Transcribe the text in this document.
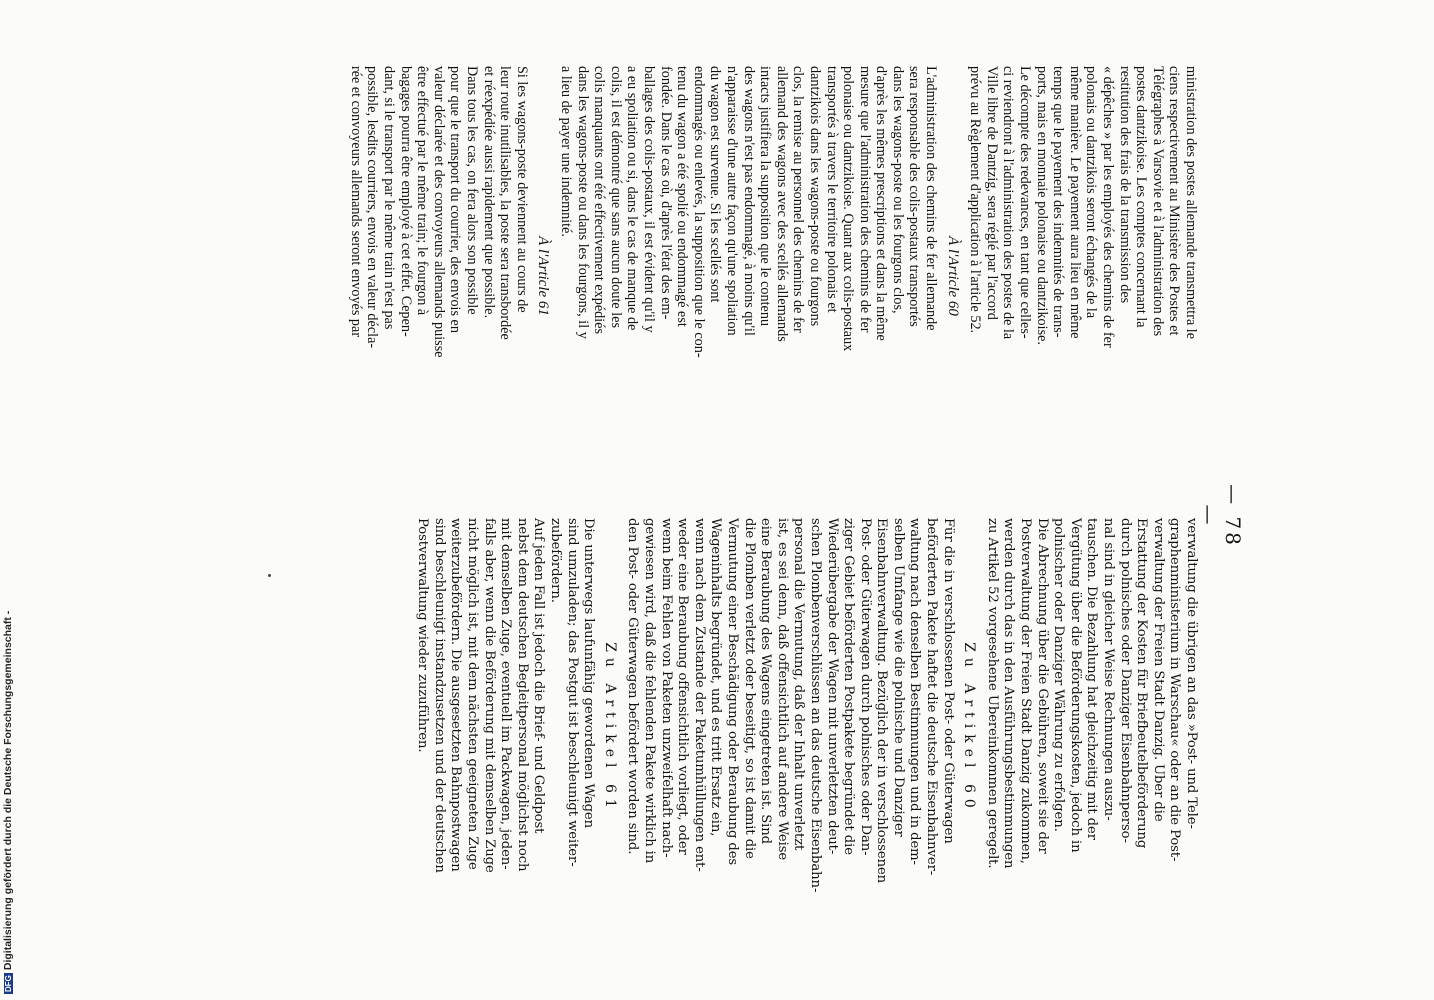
DFGDigitalisierung gefördert durch die Deutsche Forschungsgemeinschaft -
— 78 —
ministration des postes allemande transmettra le
ciens respectivement au Ministère des Postes et
Télégraphes à Varsovie et à l'administration des
postes dantzikoise. Les comptes concernant la
restitution des frais de la transmission des
« dépêches » par les employés des chemins de fer
polonais ou dantzikois seront échangés de la
même manière. Le payement aura lieu en même
temps que le payement des indemnités de trans-
ports, mais en monnaie polonaise ou dantzikoise.
Le décompte des redevances, en tant que celles-
ci reviendront à l'administration des postes de la
Ville libre de Dantzig, sera réglé par l'accord
prévu au Règlement d'application à l'article 52.
À l'Article 60
L'administration des chemins de fer allemande
sera responsable des colis-postaux transportés
dans les wagons-poste ou les fourgons clos,
d'après les mêmes prescriptions et dans la même
mesure que l'administration des chemins de fer
polonaise ou dantzikoise. Quant aux colis-postaux
transportés à travers le territoire polonais et
dantzikois dans les wagons-poste ou fourgons
clos, la remise au personnel des chemins de fer
allemand des wagons avec des scellés allemands
intacts justifiera la supposition que le contenu
des wagons n'est pas endommagé, à moins qu'il
n'apparaisse d'une autre façon qu'une spoliation
du wagon est survenue. Si les scellés sont
endommagés ou enlevés, la supposition que le con-
tenu du wagon a été spolié ou endommagé est
fondée. Dans le cas où, d'après l'état des em-
ballages des colis-postaux, il est évident qu'il y
a eu spoliation ou si, dans le cas de manque de
colis, il est démontré que sans aucun doute les
colis manquants ont été effectivement expédiés
dans les wagons-poste ou dans les fourgons, il y
a lieu de payer une indemnité.
À l'Article 61
Si les wagons-poste deviennent au cours de
leur route inutilisables, la poste sera transbordée
et réexpédiée aussi rapidement que possible.
Dans tous les cas, on fera alors son possible
pour que le transport du courrier, des envois en
valeur déclarée et des convoyeurs allemands puisse
être effectué par le même train; le fourgon à
bagages pourra être employé à cet effet. Cepen-
dant, si le transport par le même train n'est pas
possible, lesdits courriers, envois en valeur décla-
rée et convoyeurs allemands seront envoyés par
verwaltung die übrigen an das »Post- und Tele-
graphenministerium in Warschau« oder an die Post-
verwaltung der Freien Stadt Danzig. Über die
Erstattung der Kosten für Briefbeutelbeförderung
durch polnisches oder Danziger Eisenbahnperso-
nal sind in gleicher Weise Rechnungen auszu-
tauschen. Die Bezahlung hat gleichzeitig mit der
Vergütung über die Beförderungskosten, jedoch in
polnischer oder Danziger Währung zu erfolgen.
Die Abrechnung über die Gebühren, soweit sie der
Postverwaltung der Freien Stadt Danzig zukommen,
werden durch das in den Ausführungsbestimmungen
zu Artikel 52 vorgesehene Übereinkommen geregelt.
Zu Artikel 60
Für die in verschlossenen Post- oder Güterwagen
beförderten Pakete haftet die deutsche Eisenbahnver-
waltung nach denselben Bestimmungen und in dem-
selben Umfange wie die polnische und Danziger
Eisenbahnverwaltung. Bezüglich der in verschlossenen
Post- oder Güterwagen durch polnisches oder Dan-
ziger Gebiet beförderten Postpakete begründet die
Wiederübergabe der Wagen mit unverletzten deut-
schen Plombenverschlüssen an das deutsche Eisenbahn-
personal die Vermutung, daß der Inhalt unverletzt
ist, es sei denn, daß offensichtlich auf andere Weise
eine Beraubung des Wagens eingetreten ist. Sind
die Plomben verletzt oder beseitigt, so ist damit die
Vermutung einer Beschädigung oder Beraubung des
Wageninhalts begründet, und es tritt Ersatz ein,
wenn nach dem Zustande der Paketumhüllungen ent-
weder eine Beraubung offensichtlich vorliegt, oder
wenn beim Fehlen von Paketen unzweifelhaft nach-
gewiesen wird, daß die fehlenden Pakete wirklich in
den Post- oder Güterwagen befördert worden sind.
Zu Artikel 61
Die unterwegs laufunfähig gewordenen Wagen
sind umzuladen; das Postgut ist beschleunigt weiter-
zubefördern.
Auf jeden Fall ist jedoch die Brief- und Geldpost
nebst dem deutschen Begleitpersonal möglichst noch
mit demselben Zuge, eventuell im Packwagen, jeden-
falls aber, wenn die Beförderung mit demselben Zuge
nicht möglich ist, mit dem nächsten geeigneten Zuge
weiterzubefördern. Die ausgesetzten Bahnpostwagen
sind beschleunigt instandzusetzen und der deutschen
Postverwaltung wieder zuzuführen.
